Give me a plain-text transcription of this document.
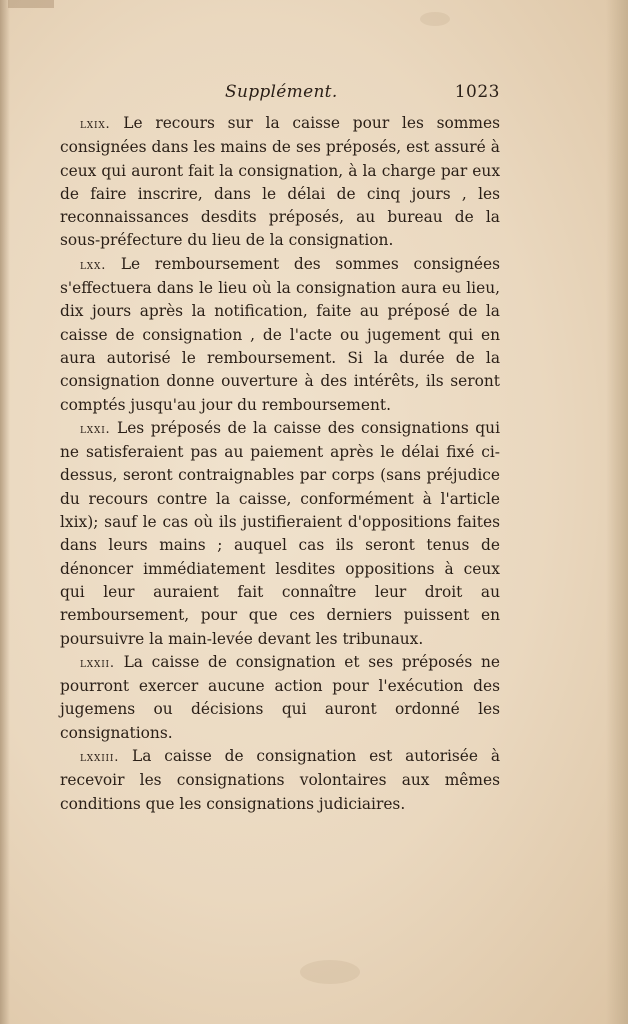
Supplément.	1023

lxix. Le recours sur la caisse pour les sommes consignées dans les mains de ses préposés, est assuré à ceux qui auront fait la consignation, à la charge par eux de faire inscrire, dans le délai de cinq jours , les reconnaissances desdits préposés, au bureau de la sous-préfecture du lieu de la consignation.

lxx. Le remboursement des sommes consignées s'effectuera dans le lieu où la consignation aura eu lieu, dix jours après la notification, faite au préposé de la caisse de consignation , de l'acte ou jugement qui en aura autorisé le remboursement. Si la durée de la consignation donne ouverture à des intérêts, ils seront comptés jusqu'au jour du remboursement.

lxxi. Les préposés de la caisse des consignations qui ne satisferaient pas au paiement après le délai fixé ci-dessus, seront contraignables par corps (sans préjudice du recours contre la caisse, conformément à l'article lxix); sauf le cas où ils justifieraient d'oppositions faites dans leurs mains ; auquel cas ils seront tenus de dénoncer immédiatement lesdites oppositions à ceux qui leur auraient fait connaître leur droit au remboursement, pour que ces derniers puissent en poursuivre la main-levée devant les tribunaux.

lxxii. La caisse de consignation et ses préposés ne pourront exercer aucune action pour l'exécution des jugemens ou décisions qui auront ordonné les consignations.

lxxiii. La caisse de consignation est autorisée à recevoir les consignations volontaires aux mêmes conditions que les consignations judiciaires.
